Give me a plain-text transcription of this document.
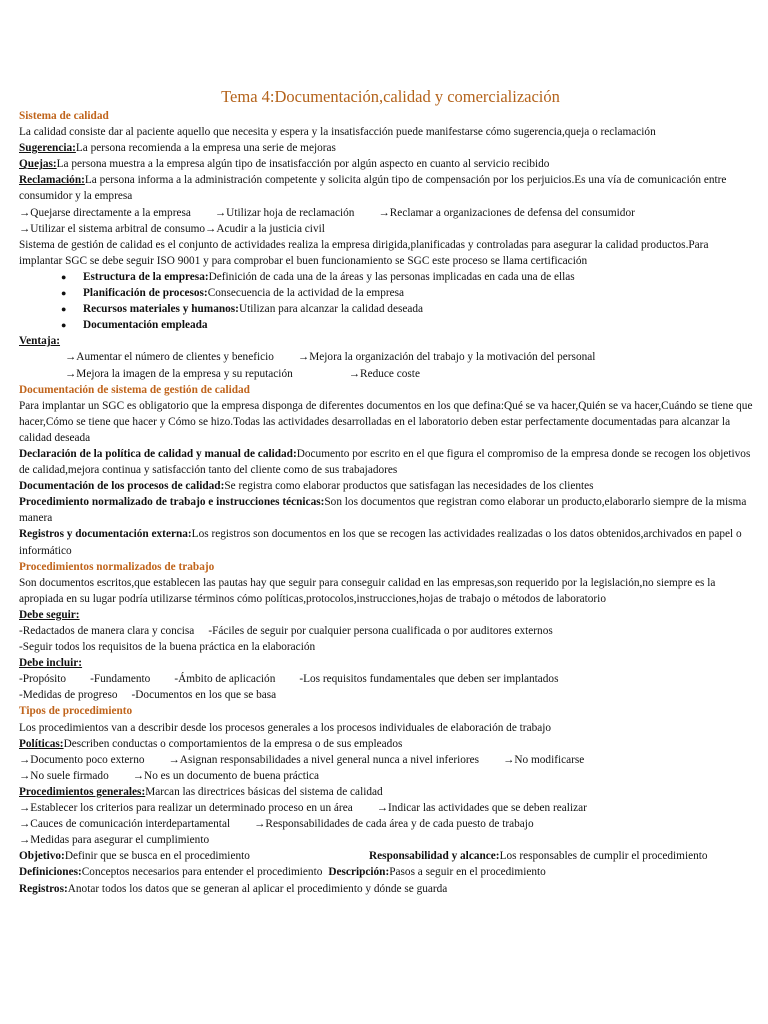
Tema 4:Documentación,calidad y comercialización
Sistema de calidad

La calidad consiste dar al paciente aquello que necesita y espera y la insatisfacción puede manifestarse cómo sugerencia,queja o reclamación

Sugerencia:La persona recomienda a la empresa una serie de mejoras

Quejas:La persona muestra a la empresa algún tipo de insatisfacción por algún aspecto en cuanto al servicio recibido

Reclamación:La persona informa a la administración competente y solicita algún tipo de compensación por los perjuicios.Es una vía de comunicación entre consumidor y la empresa

→Quejarse directamente a la empresa →Utilizar hoja de reclamación →Reclamar a organizaciones de defensa del consumidor

→Utilizar el sistema arbitral de consumo→Acudir a la justicia civil

Sistema de gestión de calidad es el conjunto de actividades realiza la empresa dirigida,planificadas y controladas para asegurar la calidad productos.Para implantar SGC se debe seguir ISO 9001 y para comprobar el buen funcionamiento se SGC este proceso se llama certificación

● Estructura de la empresa:Definición de cada una de la áreas y las personas implicadas en cada una de ellas
● Planificación de procesos:Consecuencia de la actividad de la empresa
● Recursos materiales y humanos:Utilizan para alcanzar la calidad deseada
● Documentación empleada

Ventaja:

→Aumentar el número de clientes y beneficio →Mejora la organización del trabajo y la motivación del personal

→Mejora la imagen de la empresa y su reputación	→Reduce coste

Documentación de sistema de gestión de calidad

Para implantar un SGC es obligatorio que la empresa disponga de diferentes documentos en los que defina:Qué se va hacer,Quién se va hacer,Cuándo se tiene que hacer,Cómo se tiene que hacer y Cómo se hizo.Todas las actividades desarrolladas en el laboratorio deben estar perfectamente documentadas para alcanzar la calidad deseada

Declaración de la política de calidad y manual de calidad:Documento por escrito en el que figura el compromiso de la empresa donde se recogen los objetivos de calidad,mejora continua y satisfacción tanto del cliente como de sus trabajadores

Documentación de los procesos de calidad:Se registra como elaborar productos que satisfagan las necesidades de los clientes

Procedimiento normalizado de trabajo e instrucciones técnicas:Son los documentos que registran como elaborar un producto,elaborarlo siempre de la misma manera

Registros y documentación externa:Los registros son documentos en los que se recogen las actividades realizadas o los datos obtenidos,archivados en papel o informático

Procedimientos normalizados de trabajo

Son documentos escritos,que establecen las pautas hay que seguir para conseguir calidad en las empresas,son requerido por la legislación,no siempre es la apropiada en su lugar podría utilizarse términos cómo políticas,protocolos,instrucciones,hojas de trabajo o métodos de laboratorio

Debe seguir:

-Redactados de manera clara y concisa -Fáciles de seguir por cualquier persona cualificada o por auditores externos

-Seguir todos los requisitos de la buena práctica en la elaboración

Debe incluir:

-Propósito -Fundamento -Ámbito de aplicación -Los requisitos fundamentales que deben ser implantados

-Medidas de progreso -Documentos en los que se basa

Tipos de procedimiento

Los procedimientos van a describir desde los procesos generales a los procesos individuales de elaboración de trabajo

Políticas:Describen conductas o comportamientos de la empresa o de sus empleados

→Documento poco externo →Asignan responsabilidades a nivel general nunca a nivel inferiores →No modificarse

→No suele firmado →No es un documento de buena práctica

Procedimientos generales:Marcan las directrices básicas del sistema de calidad

→Establecer los criterios para realizar un determinado proceso en un área →Indicar las actividades que se deben realizar

→Cauces de comunicación interdepartamental →Responsabilidades de cada área y de cada puesto de trabajo

→Medidas para asegurar el cumplimiento

Objetivo:Definir que se busca en el procedimiento	Responsabilidad y alcance:Los responsables de cumplir el procedimiento

Definiciones:Conceptos necesarios para entender el procedimiento Descripción:Pasos a seguir en el procedimiento

Registros:Anotar todos los datos que se generan al aplicar el procedimiento y dónde se guarda
